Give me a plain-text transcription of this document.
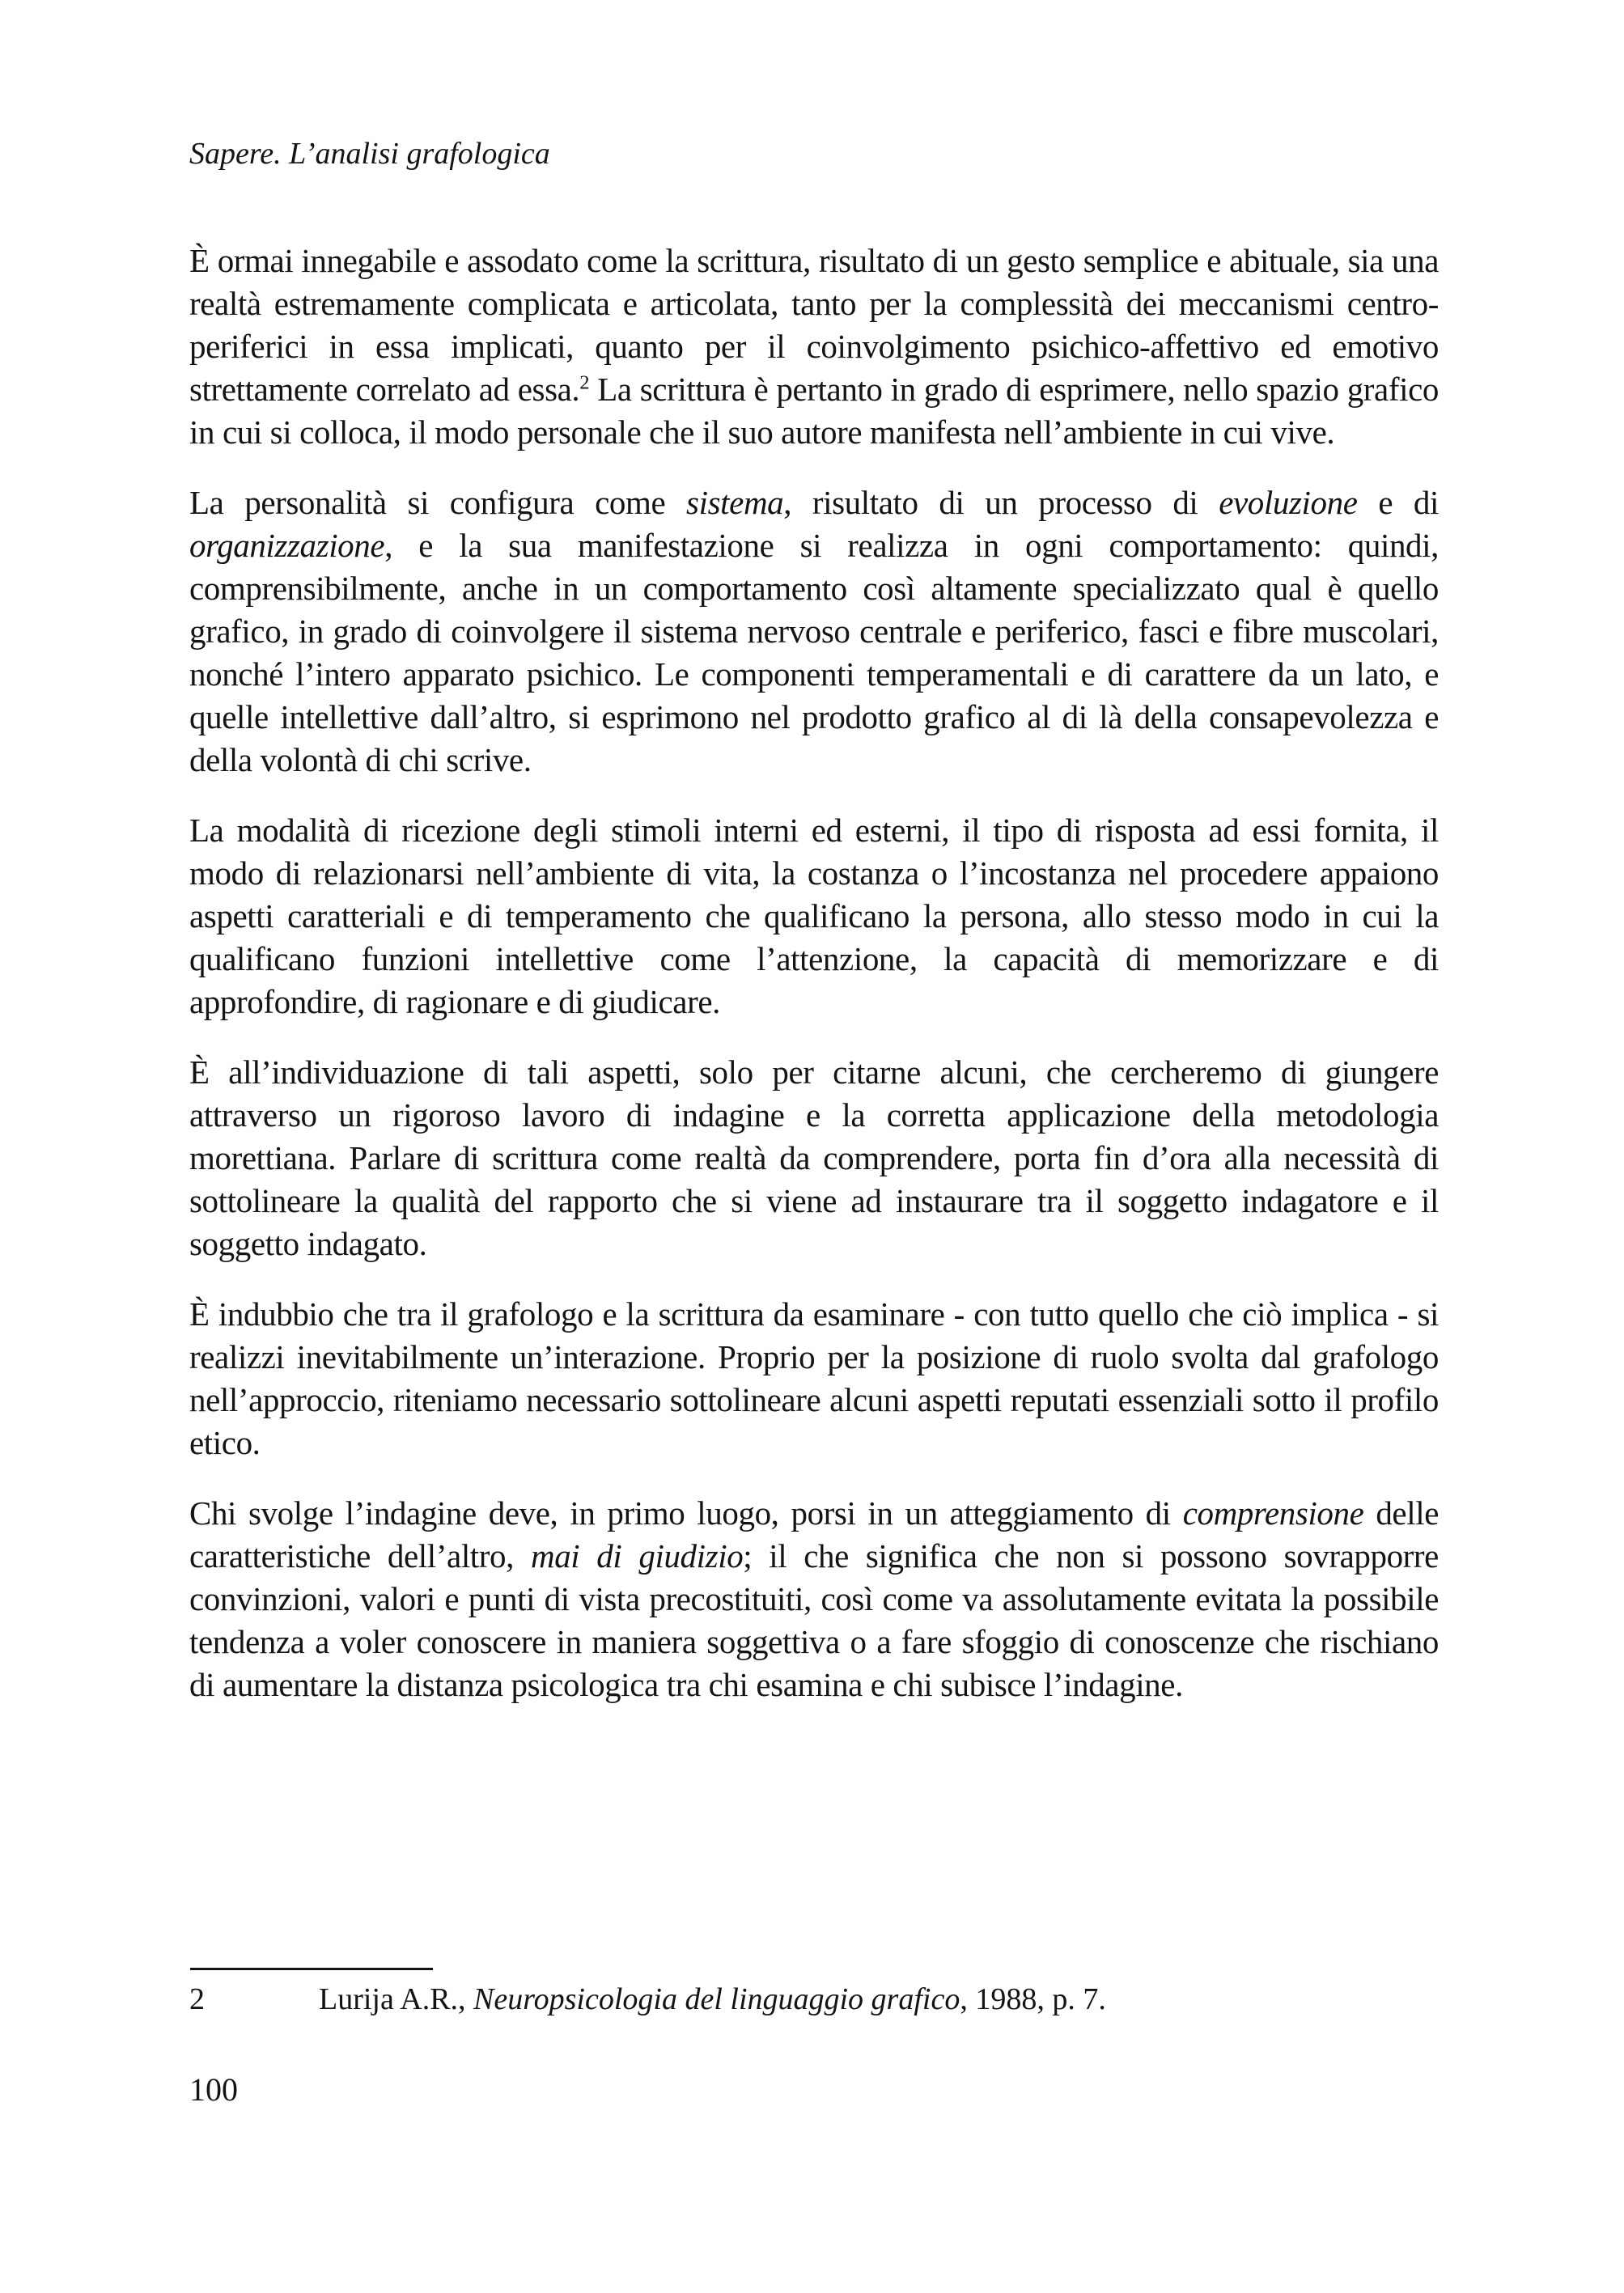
Sapere. L’analisi grafologica

È ormai innegabile e assodato come la scrittura, risultato di un gesto semplice e abituale, sia una realtà estremamente complicata e articolata, tanto per la complessità dei meccanismi centro-periferici in essa implicati, quanto per il coinvolgimento psichico-affettivo ed emotivo strettamente correlato ad essa.$^2$ La scrittura è pertanto in grado di esprimere, nello spazio grafico in cui si colloca, il modo personale che il suo autore manifesta nell’ambiente in cui vive.

La personalità si configura come sistema, risultato di un processo di evoluzione e di organizzazione, e la sua manifestazione si realizza in ogni comportamento: quindi, comprensibilmente, anche in un comportamento così altamente specializzato qual è quello grafico, in grado di coinvolgere il sistema nervoso centrale e periferico, fasci e fibre muscolari, nonché l’intero apparato psichico. Le componenti temperamentali e di carattere da un lato, e quelle intellettive dall’altro, si esprimono nel prodotto grafico al di là della consapevolezza e della volontà di chi scrive.

La modalità di ricezione degli stimoli interni ed esterni, il tipo di risposta ad essi fornita, il modo di relazionarsi nell’ambiente di vita, la costanza o l’incostanza nel procedere appaiono aspetti caratteriali e di temperamento che qualificano la persona, allo stesso modo in cui la qualificano funzioni intellettive come l’attenzione, la capacità di memorizzare e di approfondire, di ragionare e di giudicare.

È all’individuazione di tali aspetti, solo per citarne alcuni, che cercheremo di giungere attraverso un rigoroso lavoro di indagine e la corretta applicazione della metodologia morettiana. Parlare di scrittura come realtà da comprendere, porta fin d’ora alla necessità di sottolineare la qualità del rapporto che si viene ad instaurare tra il soggetto indagatore e il soggetto indagato.

È indubbio che tra il grafologo e la scrittura da esaminare - con tutto quello che ciò implica - si realizzi inevitabilmente un’interazione. Proprio per la posizione di ruolo svolta dal grafologo nell’approccio, riteniamo necessario sottolineare alcuni aspetti reputati essenziali sotto il profilo etico.

Chi svolge l’indagine deve, in primo luogo, porsi in un atteggiamento di comprensione delle caratteristiche dell’altro, mai di giudizio; il che significa che non si possono sovrapporre convinzioni, valori e punti di vista precostituiti, così come va assolutamente evitata la possibile tendenza a voler conoscere in maniera soggettiva o a fare sfoggio di conoscenze che rischiano di aumentare la distanza psicologica tra chi esamina e chi subisce l’indagine.

2	Lurija A.R., Neuropsicologia del linguaggio grafico, 1988, p. 7.
100
